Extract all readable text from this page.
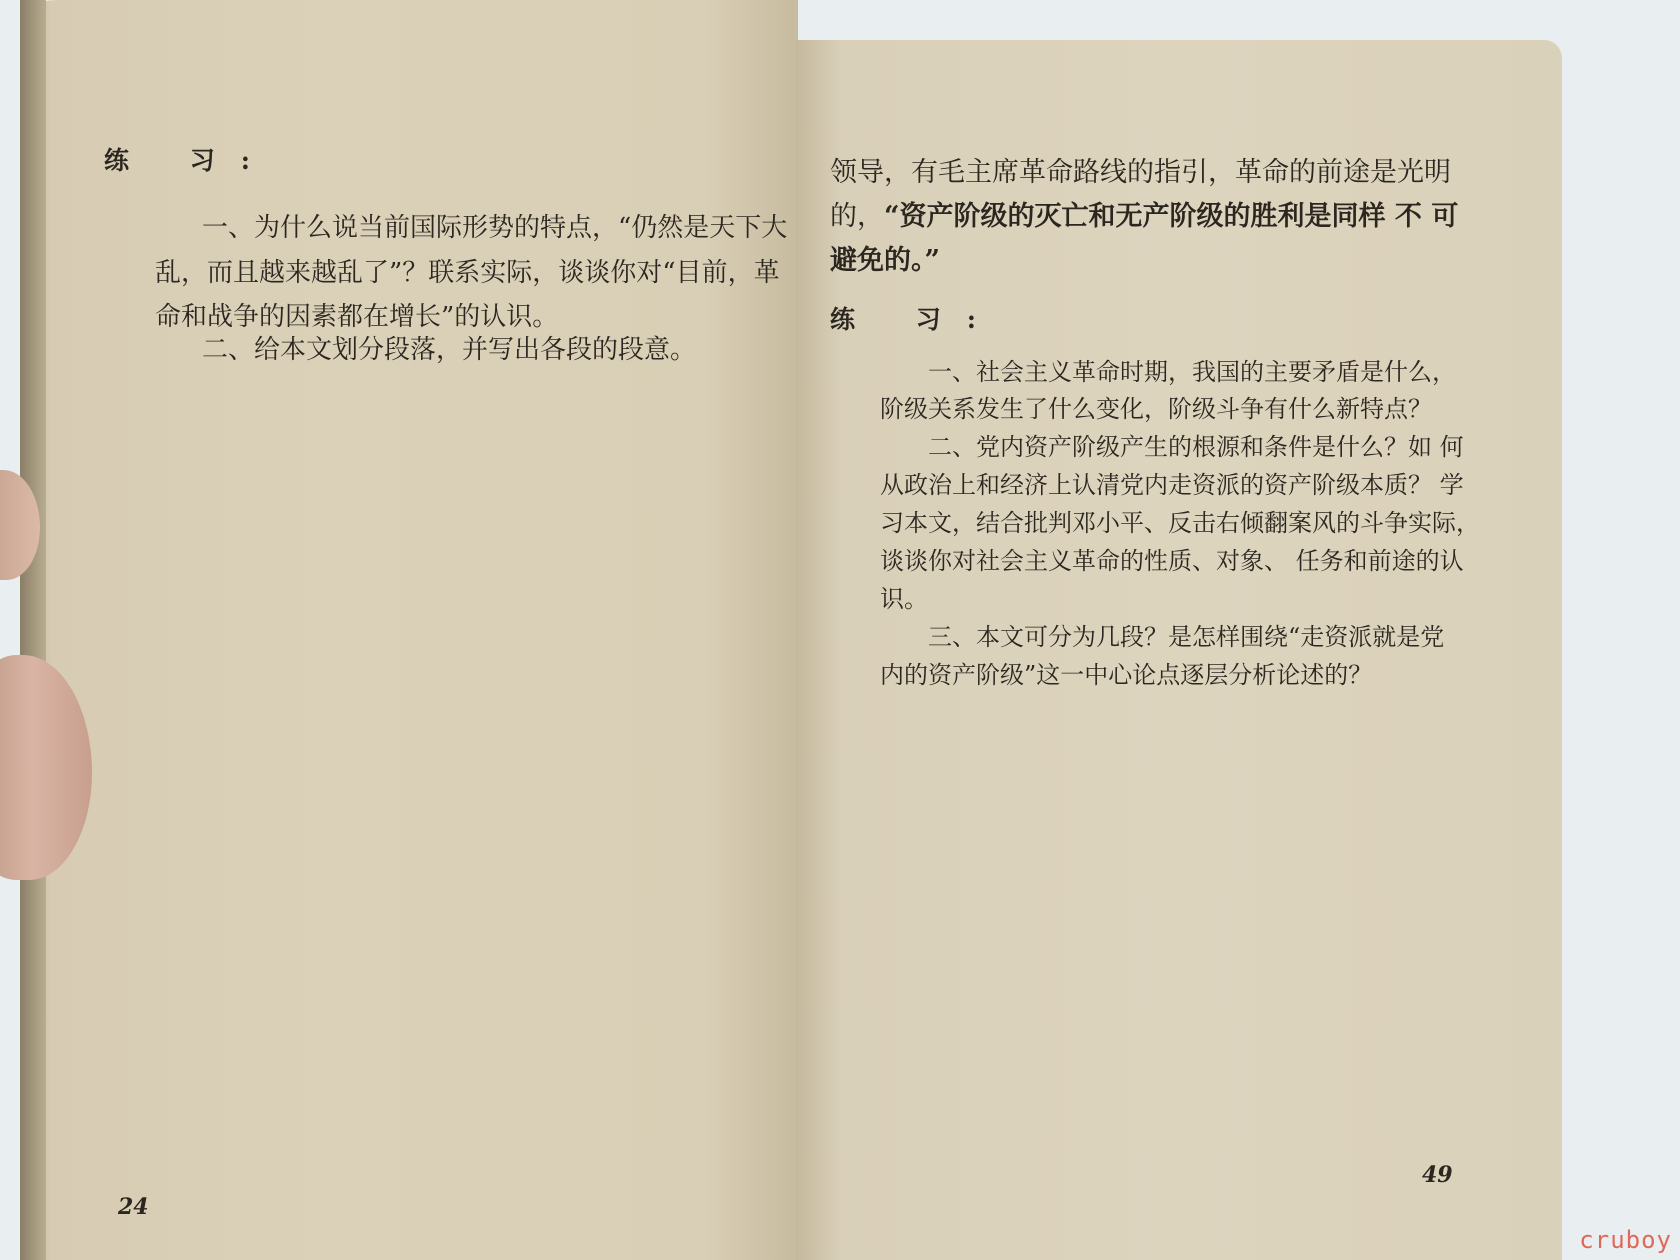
练 习:
一、为什么说当前国际形势的特点，“仍然是天下大
乱，而且越来越乱了”？联系实际，谈谈你对“目前，革
命和战争的因素都在增长”的认识。
二、给本文划分段落，并写出各段的段意。
24
领导，有毛主席革命路线的指引，革命的前途是光明
的，“资产阶级的灭亡和无产阶级的胜利是同样 不 可
避免的。”
练 习:
一、社会主义革命时期，我国的主要矛盾是什么，
阶级关系发生了什么变化，阶级斗争有什么新特点？
二、党内资产阶级产生的根源和条件是什么？如 何
从政治上和经济上认清党内走资派的资产阶级本质？ 学
习本文，结合批判邓小平、反击右倾翻案风的斗争实际，
谈谈你对社会主义革命的性质、对象、 任务和前途的认
识。
三、本文可分为几段？是怎样围绕“走资派就是党
内的资产阶级”这一中心论点逐层分析论述的？
49
cruboy
